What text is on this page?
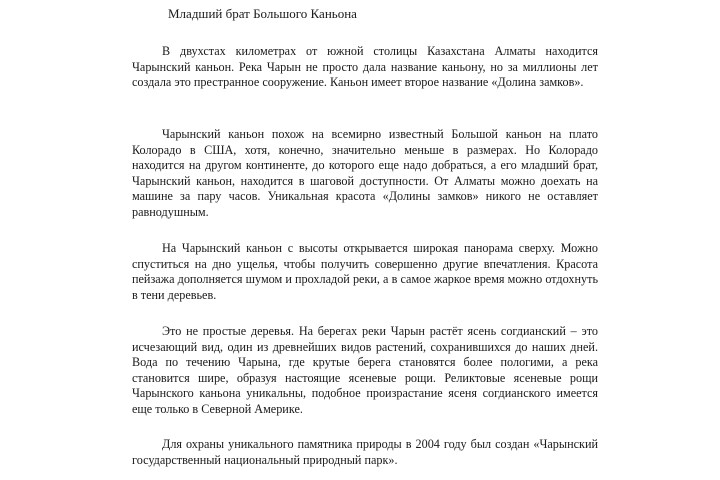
Младший брат Большого Каньона

В двухстах километрах от южной столицы Казахстана Алматы находится Чарынский каньон. Река Чарын не просто дала название каньону, но за миллионы лет создала это престранное сооружение. Каньон имеет второе название «Долина замков».

Чарынский каньон похож на всемирно известный Большой каньон на плато Колорадо в США, хотя, конечно, значительно меньше в размерах. Но Колорадо находится на другом континенте, до которого еще надо добраться, а его младший брат, Чарынский каньон, находится в шаговой доступности. От Алматы можно доехать на машине за пару часов. Уникальная красота «Долины замков» никого не оставляет равнодушным.

На Чарынский каньон с высоты открывается широкая панорама сверху. Можно спуститься на дно ущелья, чтобы получить совершенно другие впечатления. Красота пейзажа дополняется шумом и прохладой реки, а в самое жаркое время можно отдохнуть в тени деревьев.

Это не простые деревья. На берегах реки Чарын растёт ясень согдианский – это исчезающий вид, один из древнейших видов растений, сохранившихся до наших дней. Вода по течению Чарына, где крутые берега становятся более пологими, а река становится шире, образуя настоящие ясеневые рощи. Реликтовые ясеневые рощи Чарынского каньона уникальны, подобное произрастание ясеня согдианского имеется еще только в Северной Америке.

Для охраны уникального памятника природы в 2004 году был создан «Чарынский государственный национальный природный парк».
